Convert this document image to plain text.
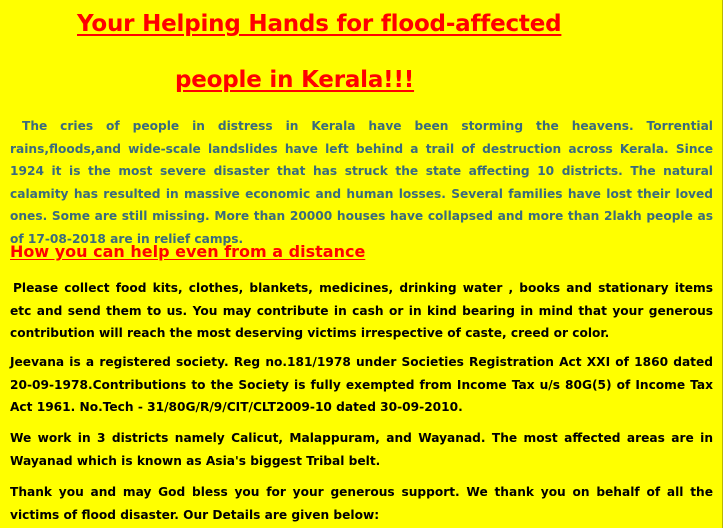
Your Helping Hands for flood-affected
people in Kerala!!!

The cries of people in distress in Kerala have been storming the heavens. Torrential rains,floods,and wide-scale landslides have left behind a trail of destruction across Kerala. Since 1924 it is the most severe disaster that has struck the state affecting 10 districts. The natural calamity has resulted in massive economic and human losses. Several families have lost their loved ones. Some are still missing. More than 20000 houses have collapsed and more than 2lakh people as of 17-08-2018 are in relief camps.

How you can help even from a distance

Please collect food kits, clothes, blankets, medicines, drinking water , books and stationary items etc and send them to us. You may contribute in cash or in kind bearing in mind that your generous contribution will reach the most deserving victims irrespective of caste, creed or color.

Jeevana is a registered society. Reg no.181/1978 under Societies Registration Act XXI of 1860 dated 20-09-1978.Contributions to the Society is fully exempted from Income Tax u/s 80G(5) of Income Tax Act 1961. No.Tech - 31/80G/R/9/CIT/CLT2009-10 dated 30-09-2010.

We work in 3 districts namely Calicut, Malappuram, and Wayanad. The most affected areas are in Wayanad which is known as Asia's biggest Tribal belt.

Thank you and may God bless you for your generous support. We thank you on behalf of all the victims of flood disaster. Our Details are given below:
